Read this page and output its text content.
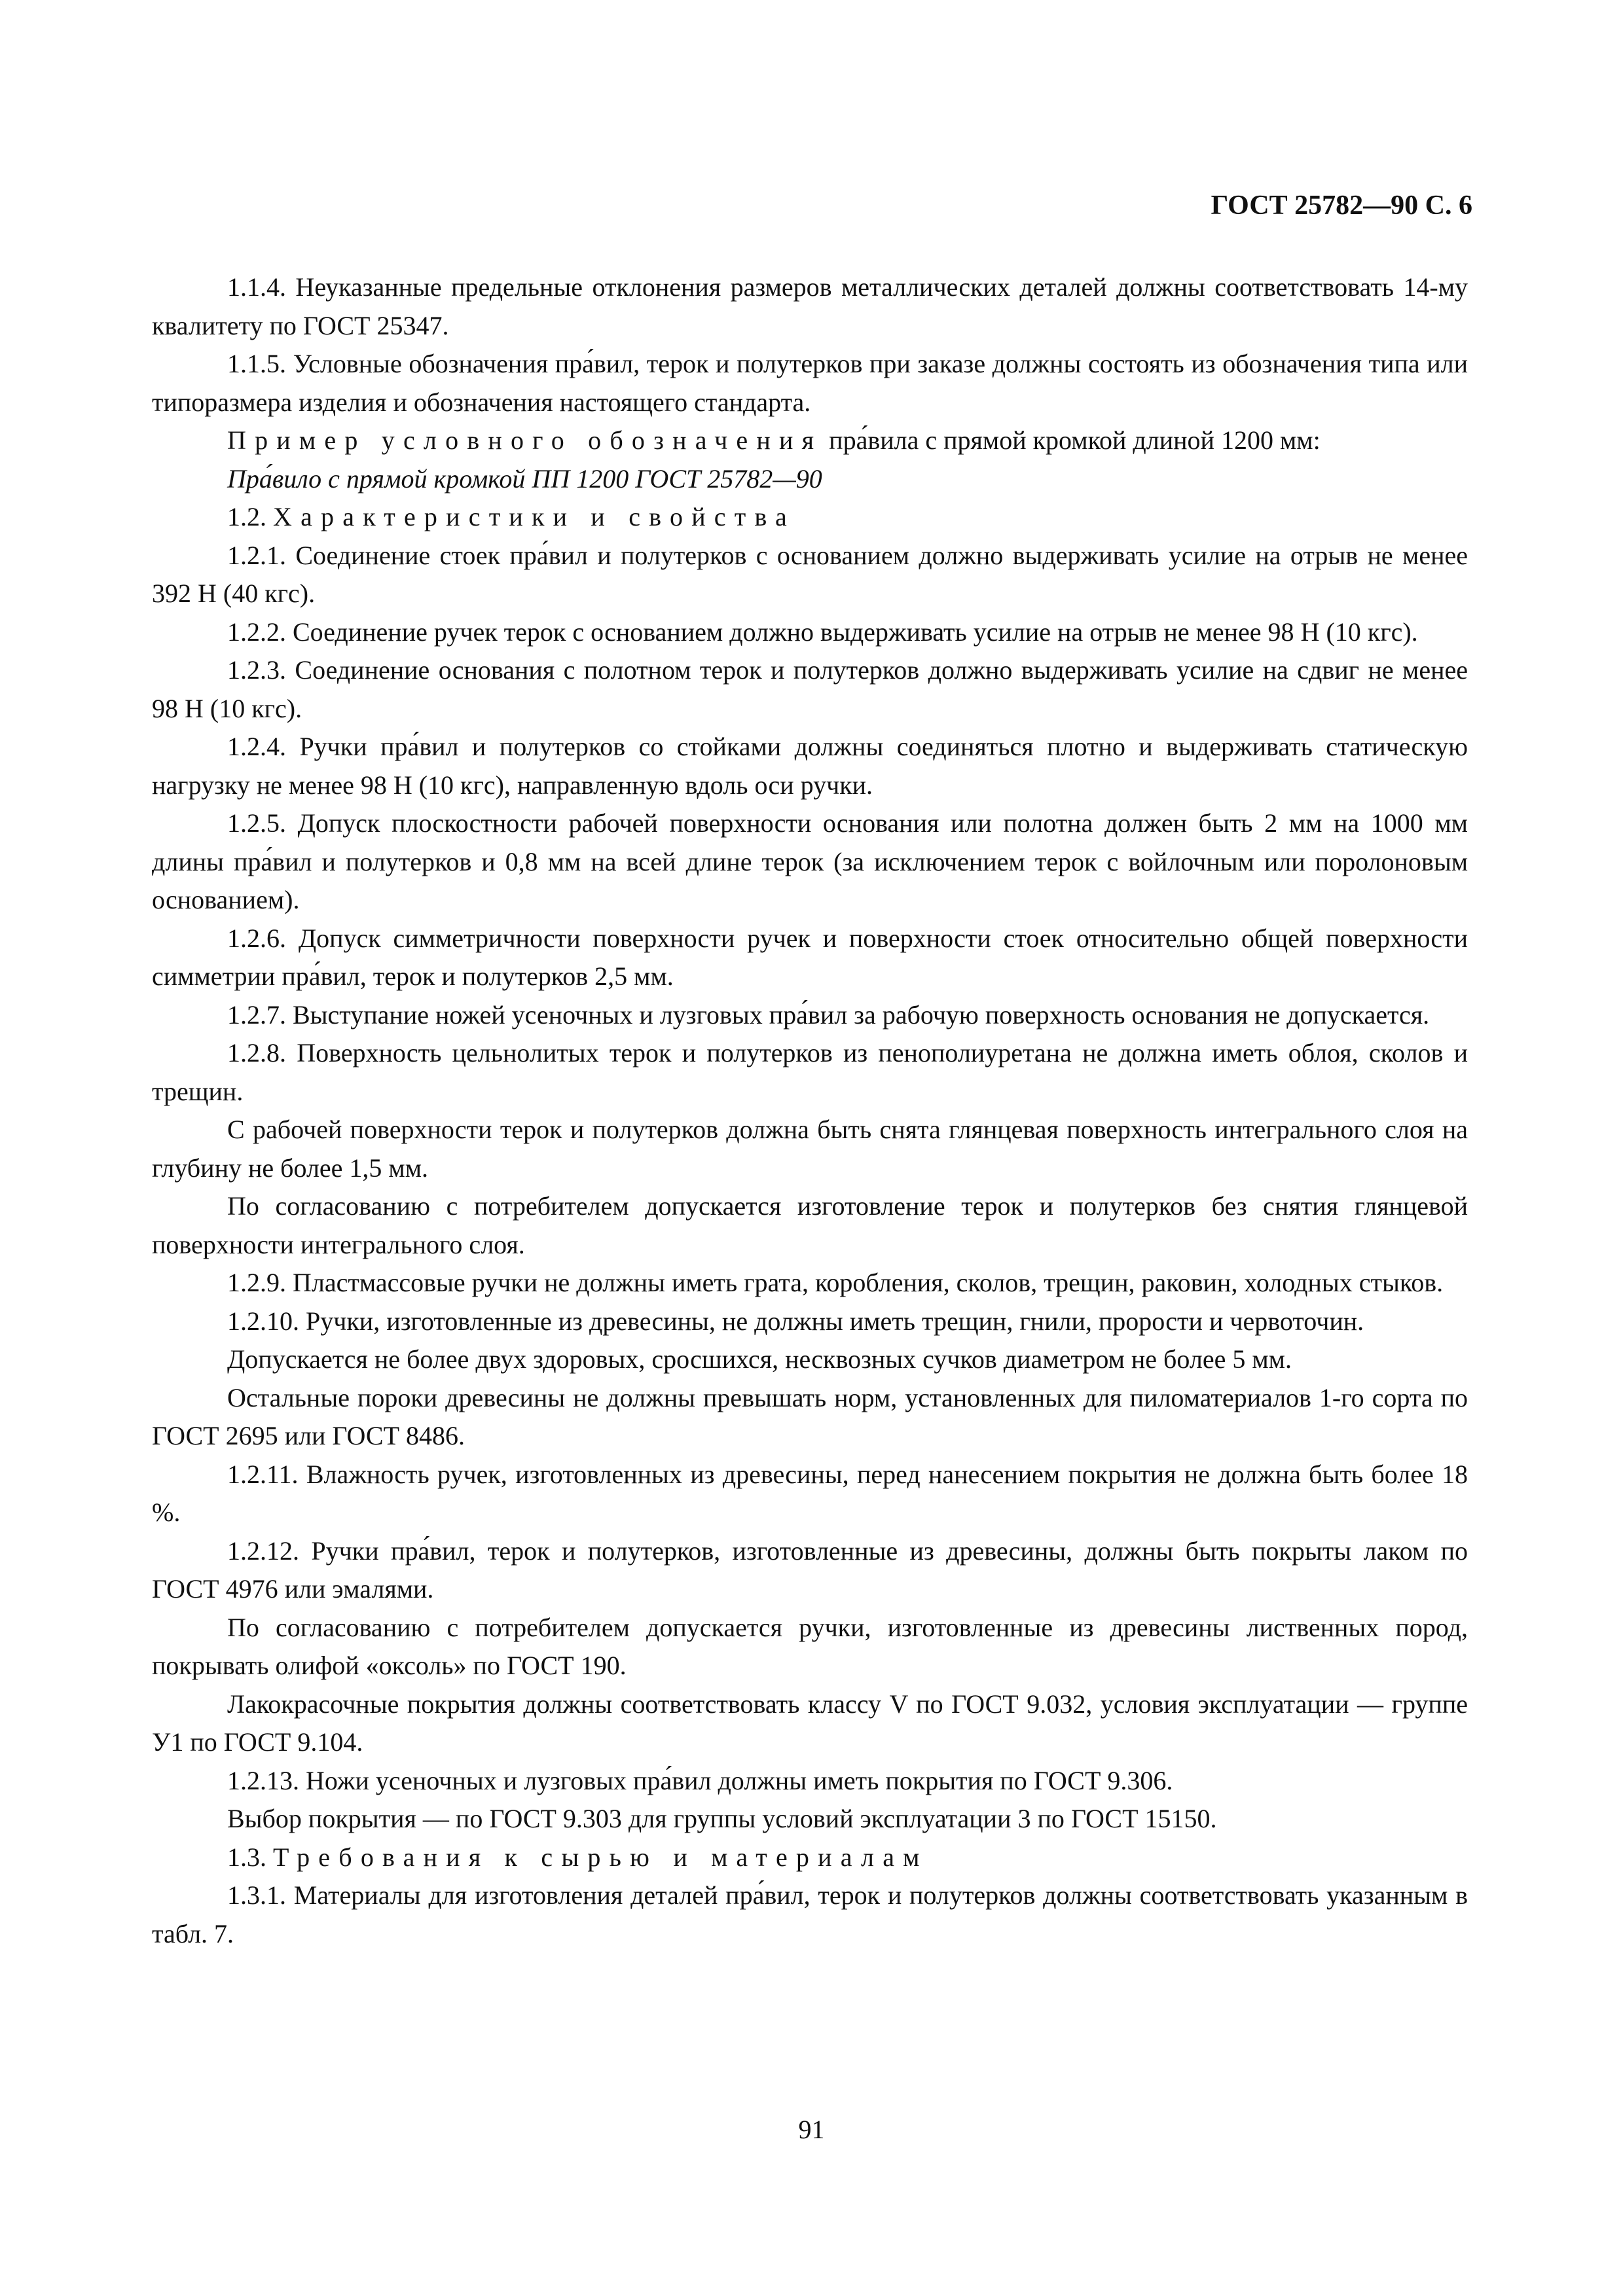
ГОСТ 25782—90 С. 6

1.1.4. Неуказанные предельные отклонения размеров металлических деталей должны соответствовать 14-му квалитету по ГОСТ 25347.

1.1.5. Условные обозначения пра́вил, терок и полутерков при заказе должны состоять из обозначения типа или типоразмера изделия и обозначения настоящего стандарта.

Пример условного обозначения пра́вила с прямой кромкой длиной 1200 мм:

Пра́вило с прямой кромкой ПП 1200 ГОСТ 25782—90

1.2. Характеристики и свойства

1.2.1. Соединение стоек пра́вил и полутерков с основанием должно выдерживать усилие на отрыв не менее 392 Н (40 кгс).

1.2.2. Соединение ручек терок с основанием должно выдерживать усилие на отрыв не менее 98 Н (10 кгс).

1.2.3. Соединение основания с полотном терок и полутерков должно выдерживать усилие на сдвиг не менее 98 Н (10 кгс).

1.2.4. Ручки пра́вил и полутерков со стойками должны соединяться плотно и выдерживать статическую нагрузку не менее 98 Н (10 кгс), направленную вдоль оси ручки.

1.2.5. Допуск плоскостности рабочей поверхности основания или полотна должен быть 2 мм на 1000 мм длины пра́вил и полутерков и 0,8 мм на всей длине терок (за исключением терок с войлочным или поролоновым основанием).

1.2.6. Допуск симметричности поверхности ручек и поверхности стоек относительно общей поверхности симметрии пра́вил, терок и полутерков 2,5 мм.

1.2.7. Выступание ножей усеночных и лузговых пра́вил за рабочую поверхность основания не допускается.

1.2.8. Поверхность цельнолитых терок и полутерков из пенополиуретана не должна иметь облоя, сколов и трещин.

С рабочей поверхности терок и полутерков должна быть снята глянцевая поверхность интегрального слоя на глубину не более 1,5 мм.

По согласованию с потребителем допускается изготовление терок и полутерков без снятия глянцевой поверхности интегрального слоя.

1.2.9. Пластмассовые ручки не должны иметь грата, коробления, сколов, трещин, раковин, холодных стыков.

1.2.10. Ручки, изготовленные из древесины, не должны иметь трещин, гнили, прорости и червоточин.

Допускается не более двух здоровых, сросшихся, несквозных сучков диаметром не более 5 мм.

Остальные пороки древесины не должны превышать норм, установленных для пиломатериалов 1-го сорта по ГОСТ 2695 или ГОСТ 8486.

1.2.11. Влажность ручек, изготовленных из древесины, перед нанесением покрытия не должна быть более 18 %.

1.2.12. Ручки пра́вил, терок и полутерков, изготовленные из древесины, должны быть покрыты лаком по ГОСТ 4976 или эмалями.

По согласованию с потребителем допускается ручки, изготовленные из древесины лиственных пород, покрывать олифой «оксоль» по ГОСТ 190.

Лакокрасочные покрытия должны соответствовать классу V по ГОСТ 9.032, условия эксплуатации — группе У1 по ГОСТ 9.104.

1.2.13. Ножи усеночных и лузговых пра́вил должны иметь покрытия по ГОСТ 9.306.

Выбор покрытия — по ГОСТ 9.303 для группы условий эксплуатации 3 по ГОСТ 15150.

1.3. Требования к сырью и материалам

1.3.1. Материалы для изготовления деталей пра́вил, терок и полутерков должны соответствовать указанным в табл. 7.

91
